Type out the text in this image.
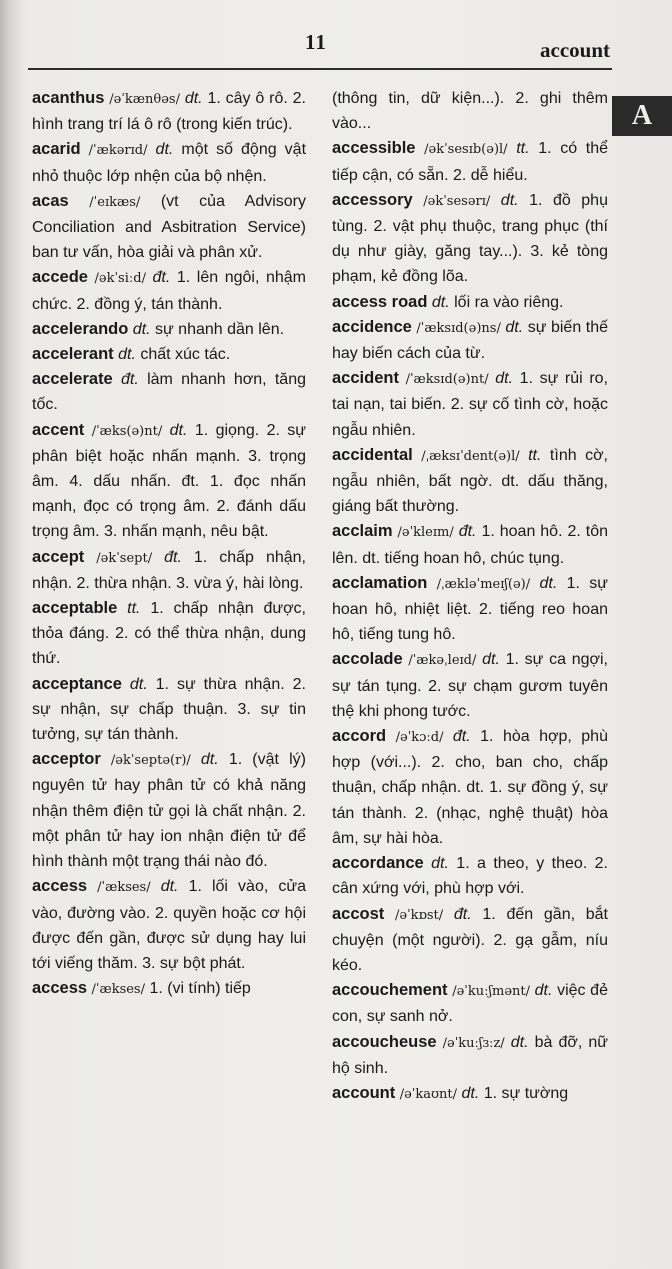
11	account
A

acanthus /əˈkænθəs/ dt. 1. cây ô rô. 2. hình trang trí lá ô rô (trong kiến trúc).

acarid /ˈækərɪd/ dt. một số động vật nhỏ thuộc lớp nhện của bộ nhện.

acas /ˈeɪkæs/ (vt của Advisory Conciliation and Asbitration Service) ban tư vấn, hòa giải và phân xử.

accede /əkˈsiːd/ đt. 1. lên ngôi, nhậm chức. 2. đồng ý, tán thành.

accelerando dt. sự nhanh dần lên.

accelerant dt. chất xúc tác.

accelerate đt. làm nhanh hơn, tăng tốc.

accent /ˈæks(ə)nt/ dt. 1. giọng. 2. sự phân biệt hoặc nhấn mạnh. 3. trọng âm. 4. dấu nhấn. đt. 1. đọc nhấn mạnh, đọc có trọng âm. 2. đánh dấu trọng âm. 3. nhấn mạnh, nêu bật.

accept /əkˈsept/ đt. 1. chấp nhận, nhận. 2. thừa nhận. 3. vừa ý, hài lòng.

acceptable tt. 1. chấp nhận được, thỏa đáng. 2. có thể thừa nhận, dung thứ.

acceptance dt. 1. sự thừa nhận. 2. sự nhận, sự chấp thuận. 3. sự tin tưởng, sự tán thành.

acceptor /əkˈseptə(r)/ dt. 1. (vật lý) nguyên tử hay phân tử có khả năng nhận thêm điện tử gọi là chất nhận. 2. một phân tử hay ion nhận điện tử để hình thành một trạng thái nào đó.

access /ˈækses/ dt. 1. lối vào, cửa vào, đường vào. 2. quyền hoặc cơ hội được đến gần, được sử dụng hay lui tới viếng thăm. 3. sự bột phát.

access /ˈækses/ 1. (vi tính) tiếp

(thông tin, dữ kiện...). 2. ghi thêm vào...

accessible /əkˈsesɪb(ə)l/ tt. 1. có thể tiếp cận, có sẵn. 2. dễ hiểu.

accessory /əkˈsesərɪ/ dt. 1. đồ phụ tùng. 2. vật phụ thuộc, trang phục (thí dụ như giày, găng tay...). 3. kẻ tòng phạm, kẻ đồng lõa.

access road dt. lối ra vào riêng.

accidence /ˈæksɪd(ə)ns/ dt. sự biến thế hay biến cách của từ.

accident /ˈæksɪd(ə)nt/ dt. 1. sự rủi ro, tai nạn, tai biến. 2. sự cố tình cờ, hoặc ngẫu nhiên.

accidental /ˌæksɪˈdent(ə)l/ tt. tình cờ, ngẫu nhiên, bất ngờ. dt. dấu thăng, giáng bất thường.

acclaim /əˈkleɪm/ đt. 1. hoan hô. 2. tôn lên. dt. tiếng hoan hô, chúc tụng.

acclamation /ˌækləˈmeɪʃ(ə)/ dt. 1. sự hoan hô, nhiệt liệt. 2. tiếng reo hoan hô, tiếng tung hô.

accolade /ˈækəˌleɪd/ dt. 1. sự ca ngợi, sự tán tụng. 2. sự chạm gươm tuyên thệ khi phong tước.

accord /əˈkɔːd/ đt. 1. hòa hợp, phù hợp (với...). 2. cho, ban cho, chấp thuận, chấp nhận. dt. 1. sự đồng ý, sự tán thành. 2. (nhạc, nghệ thuật) hòa âm, sự hài hòa.

accordance dt. 1. a theo, y theo. 2. cân xứng với, phù hợp với.

accost /əˈkɒst/ đt. 1. đến gần, bắt chuyện (một người). 2. gạ gẫm, níu kéo.

accouchement /əˈkuːʃmənt/ dt. việc đẻ con, sự sanh nở.

accoucheuse /əˈkuːʃɜːz/ dt. bà đỡ, nữ hộ sinh.

account /əˈkaʊnt/ dt. 1. sự tường
